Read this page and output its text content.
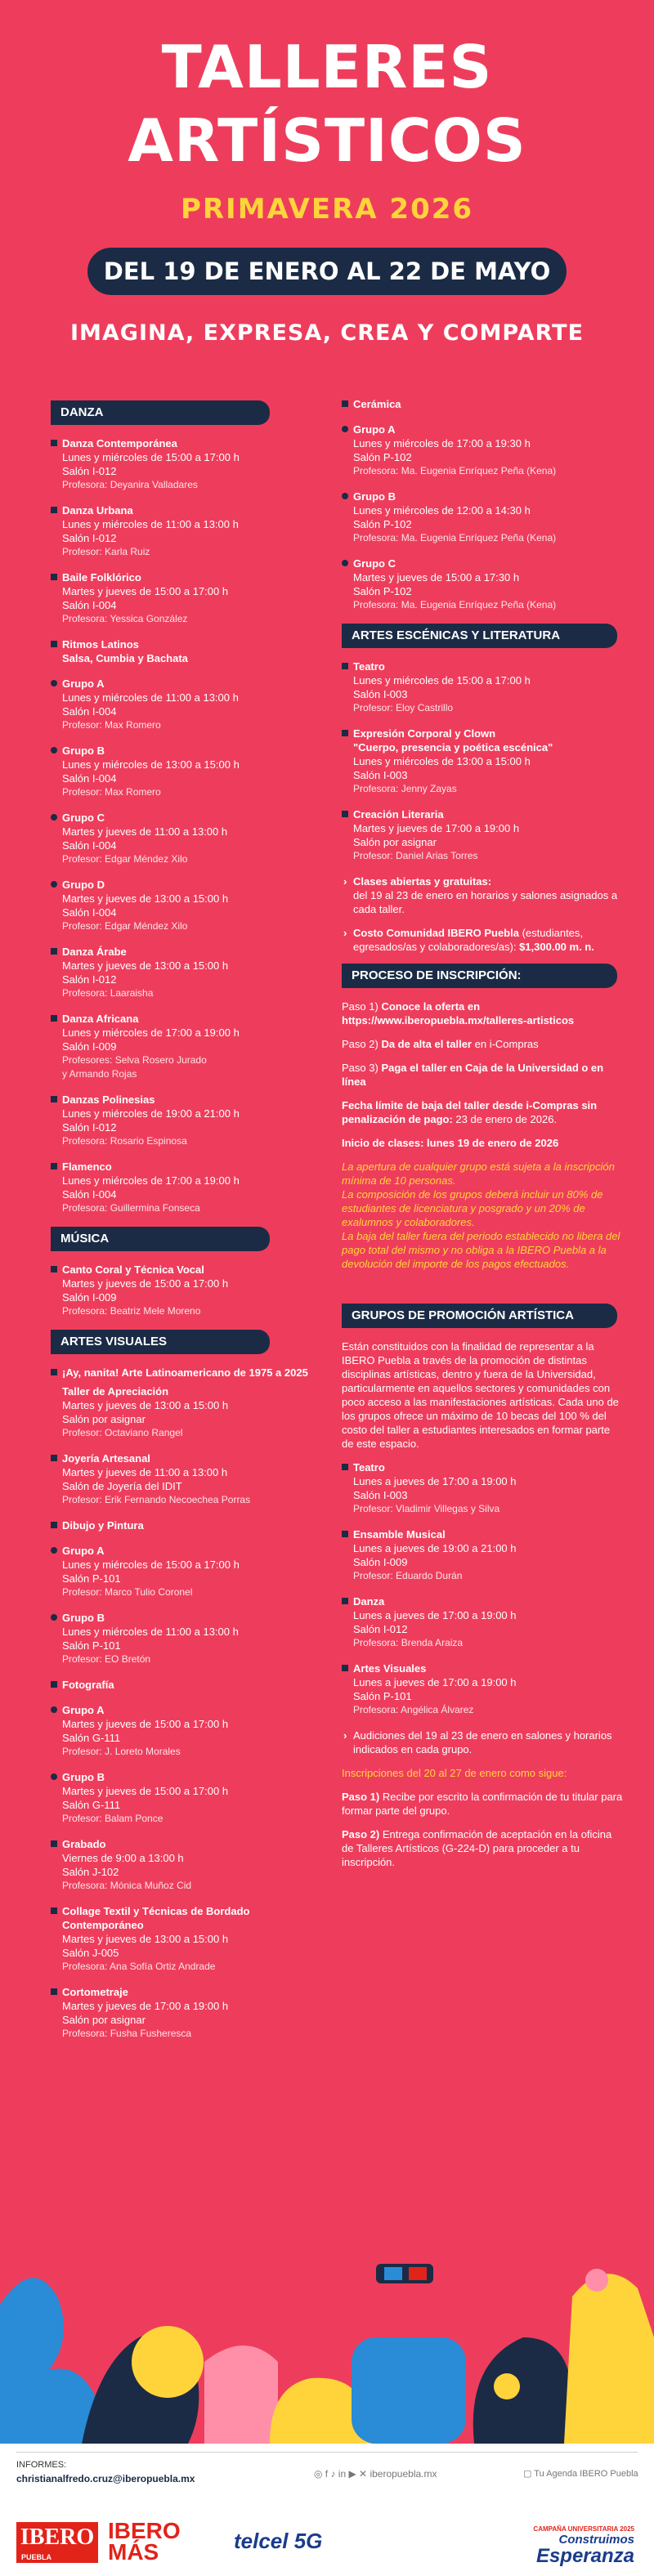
TALLERES
ARTÍSTICOS
PRIMAVERA 2026
DEL 19 DE ENERO AL 22 DE MAYO
IMAGINA, EXPRESA, CREA Y COMPARTE
DANZA
Danza Contemporánea
Lunes y miércoles de 15:00 a 17:00 h
Salón I-012
Profesora: Deyanira Valladares
Danza Urbana
Lunes y miércoles de 11:00 a 13:00 h
Salón I-012
Profesor: Karla Ruiz
Baile Folklórico
Martes y jueves de 15:00 a 17:00 h
Salón I-004
Profesora: Yessica González
Ritmos Latinos
Salsa, Cumbia y Bachata
Grupo A
Lunes y miércoles de 11:00 a 13:00 h
Salón I-004
Profesor: Max Romero
Grupo B
Lunes y miércoles de 13:00 a 15:00 h
Salón I-004
Profesor: Max Romero
Grupo C
Martes y jueves de 11:00 a 13:00 h
Salón I-004
Profesor: Edgar Méndez Xilo
Grupo D
Martes y jueves de 13:00 a 15:00 h
Salón I-004
Profesor: Edgar Méndez Xilo
Danza Árabe
Martes y jueves de 13:00 a 15:00 h
Salón I-012
Profesora: Laaraisha
Danza Africana
Lunes y miércoles de 17:00 a 19:00 h
Salón I-009
Profesores: Selva Rosero Jurado
y Armando Rojas
Danzas Polinesias
Lunes y miércoles de 19:00 a 21:00 h
Salón I-012
Profesora: Rosario Espinosa
Flamenco
Lunes y miércoles de 17:00 a 19:00 h
Salón I-004
Profesora: Guillermina Fonseca
MÚSICA
Canto Coral y Técnica Vocal
Martes y jueves de 15:00 a 17:00 h
Salón I-009
Profesora: Beatriz Mele Moreno
ARTES VISUALES
¡Ay, nanita! Arte Latinoamericano de 1975 a 2025
Taller de Apreciación
Martes y jueves de 13:00 a 15:00 h
Salón por asignar
Profesor: Octaviano Rangel
Joyería Artesanal
Martes y jueves de 11:00 a 13:00 h
Salón de Joyería del IDIT
Profesor: Erik Fernando Necoechea Porras
Dibujo y Pintura
Grupo A
Lunes y miércoles de 15:00 a 17:00 h
Salón P-101
Profesor: Marco Tulio Coronel
Grupo B
Lunes y miércoles de 11:00 a 13:00 h
Salón P-101
Profesor: EO Bretón
Fotografía
Grupo A
Martes y jueves de 15:00 a 17:00 h
Salón G-111
Profesor: J. Loreto Morales
Grupo B
Martes y jueves de 15:00 a 17:00 h
Salón G-111
Profesor: Balam Ponce
Grabado
Viernes de 9:00 a 13:00 h
Salón J-102
Profesora: Mónica Muñoz Cid
Collage Textil y Técnicas de Bordado
Contemporáneo
Martes y jueves de 13:00 a 15:00 h
Salón J-005
Profesora: Ana Sofía Ortiz Andrade
Cortometraje
Martes y jueves de 17:00 a 19:00 h
Salón por asignar
Profesora: Fusha Fusheresca
Cerámica
Grupo A
Lunes y miércoles de 17:00 a 19:30 h
Salón P-102
Profesora: Ma. Eugenia Enríquez Peña (Kena)
Grupo B
Lunes y miércoles de 12:00 a 14:30 h
Salón P-102
Profesora: Ma. Eugenia Enríquez Peña (Kena)
Grupo C
Martes y jueves de 15:00 a 17:30 h
Salón P-102
Profesora: Ma. Eugenia Enríquez Peña (Kena)
ARTES ESCÉNICAS Y LITERATURA
Teatro
Lunes y miércoles de 15:00 a 17:00 h
Salón I-003
Profesor: Eloy Castrillo
Expresión Corporal y Clown
"Cuerpo, presencia y poética escénica"
Lunes y miércoles de 13:00 a 15:00 h
Salón I-003
Profesora: Jenny Zayas
Creación Literaria
Martes y jueves de 17:00 a 19:00 h
Salón por asignar
Profesor: Daniel Arias Torres
› Clases abiertas y gratuitas:
del 19 al 23 de enero en horarios y salones asignados a cada taller.
› Costo Comunidad IBERO Puebla (estudiantes, egresados/as y colaboradores/as): $1,300.00 m. n.
PROCESO DE INSCRIPCIÓN:
Paso 1) Conoce la oferta en
https://www.iberopuebla.mx/talleres-artisticos
Paso 2) Da de alta el taller en i-Compras
Paso 3) Paga el taller en Caja de la Universidad o en línea
Fecha límite de baja del taller desde i-Compras sin penalización de pago: 23 de enero de 2026.
Inicio de clases: lunes 19 de enero de 2026
La apertura de cualquier grupo está sujeta a la inscripción mínima de 10 personas.
La composición de los grupos deberá incluir un 80% de estudiantes de licenciatura y posgrado y un 20% de exalumnos y colaboradores.
La baja del taller fuera del periodo establecido no libera del pago total del mismo y no obliga a la IBERO Puebla a la devolución del importe de los pagos efectuados.
GRUPOS DE PROMOCIÓN ARTÍSTICA
Están constituidos con la finalidad de representar a la IBERO Puebla a través de la promoción de distintas disciplinas artísticas, dentro y fuera de la Universidad, particularmente en aquellos sectores y comunidades con poco acceso a las manifestaciones artísticas. Cada uno de los grupos ofrece un máximo de 10 becas del 100 % del costo del taller a estudiantes interesados en formar parte de este espacio.
Teatro
Lunes a jueves de 17:00 a 19:00 h
Salón I-003
Profesor: Vladimir Villegas y Silva
Ensamble Musical
Lunes a jueves de 19:00 a 21:00 h
Salón I-009
Profesor: Eduardo Durán
Danza
Lunes a jueves de 17:00 a 19:00 h
Salón I-012
Profesora: Brenda Araiza
Artes Visuales
Lunes a jueves de 17:00 a 19:00 h
Salón P-101
Profesora: Angélica Álvarez
› Audiciones del 19 al 23 de enero en salones y horarios indicados en cada grupo.
Inscripciones del 20 al 27 de enero como sigue:
Paso 1) Recibe por escrito la confirmación de tu titular para formar parte del grupo.
Paso 2) Entrega confirmación de aceptación en la oficina de Talleres Artísticos (G-224-D) para proceder a tu inscripción.
INFORMES:
christianalfredo.cruz@iberopuebla.mx	◎ f ♪ in ▶ ✕ iberopuebla.mx	▢ Tu Agenda IBERO Puebla
IBERO
PUEBLA
IBERO
MÁS	telcel 5G	CAMPAÑA UNIVERSITARIA 2025
Construimos
Esperanza
